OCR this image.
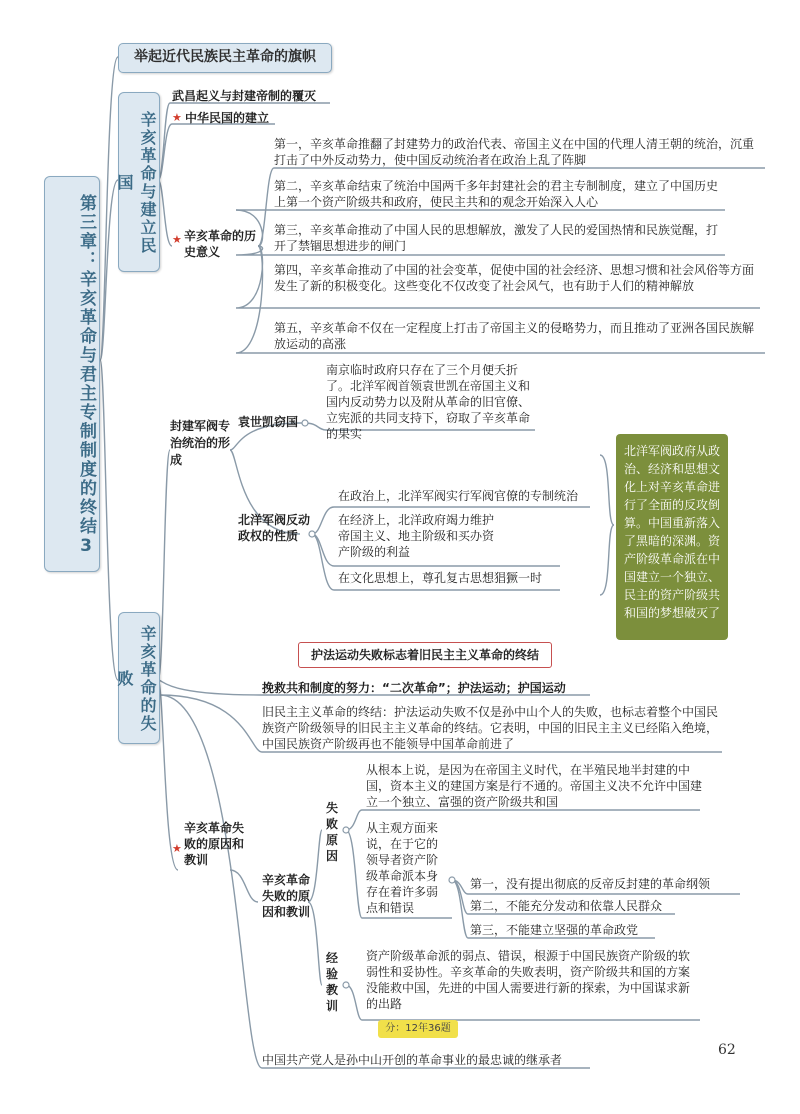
第三章：辛亥革命与君主专制制度的终结3
举起近代民族民主革命的旗帜
辛亥革命与建立民国
武昌起义与封建帝制的覆灭
★ 中华民国的建立
★ 辛亥革命的历史意义
第一，辛亥革命推翻了封建势力的政治代表、帝国主义在中国的代理人清王朝的统治，沉重打击了中外反动势力，使中国反动统治者在政治上乱了阵脚
第二，辛亥革命结束了统治中国两千多年封建社会的君主专制制度，建立了中国历史上第一个资产阶级共和政府，使民主共和的观念开始深入人心
第三，辛亥革命推动了中国人民的思想解放，激发了人民的爱国热情和民族觉醒，打开了禁锢思想进步的闸门
第四，辛亥革命推动了中国的社会变革，促使中国的社会经济、思想习惯和社会风俗等方面发生了新的积极变化。这些变化不仅改变了社会风气，也有助于人们的精神解放
第五，辛亥革命不仅在一定程度上打击了帝国主义的侵略势力，而且推动了亚洲各国民族解放运动的高涨
辛亥革命的失败
封建军阀专治统治的形成
袁世凯窃国
南京临时政府只存在了三个月便夭折了。北洋军阀首领袁世凯在帝国主义和国内反动势力以及附从革命的旧官僚、立宪派的共同支持下，窃取了辛亥革命的果实
北洋军阀反动政权的性质
在政治上，北洋军阀实行军阀官僚的专制统治
在经济上，北洋政府竭力维护帝国主义、地主阶级和买办资产阶级的利益
在文化思想上，尊孔复古思想猖獗一时
北洋军阀政府从政治、经济和思想文化上对辛亥革命进行了全面的反攻倒算。中国重新落入了黑暗的深渊。资产阶级革命派在中国建立一个独立、民主的资产阶级共和国的梦想破灭了
护法运动失败标志着旧民主主义革命的终结
挽救共和制度的努力：“二次革命”；护法运动；护国运动
旧民主主义革命的终结：护法运动失败不仅是孙中山个人的失败，也标志着整个中国民族资产阶级领导的旧民主主义革命的终结。它表明，中国的旧民主主义已经陷入绝境，中国民族资产阶级再也不能领导中国革命前进了
★
辛亥革命失败的原因和教训
辛亥革命失败的原因和教训
失败原因
从根本上说，是因为在帝国主义时代，在半殖民地半封建的中国，资本主义的建国方案是行不通的。帝国主义决不允许中国建立一个独立、富强的资产阶级共和国
从主观方面来说，在于它的领导者资产阶级革命派本身存在着许多弱点和错误
第一，没有提出彻底的反帝反封建的革命纲领
第二，不能充分发动和依靠人民群众
第三，不能建立坚强的革命政党
经验教训
资产阶级革命派的弱点、错误，根源于中国民族资产阶级的软弱性和妥协性。辛亥革命的失败表明，资产阶级共和国的方案没能救中国，先进的中国人需要进行新的探索，为中国谋求新的出路
分：12年36题
中国共产党人是孙中山开创的革命事业的最忠诚的继承者
62
